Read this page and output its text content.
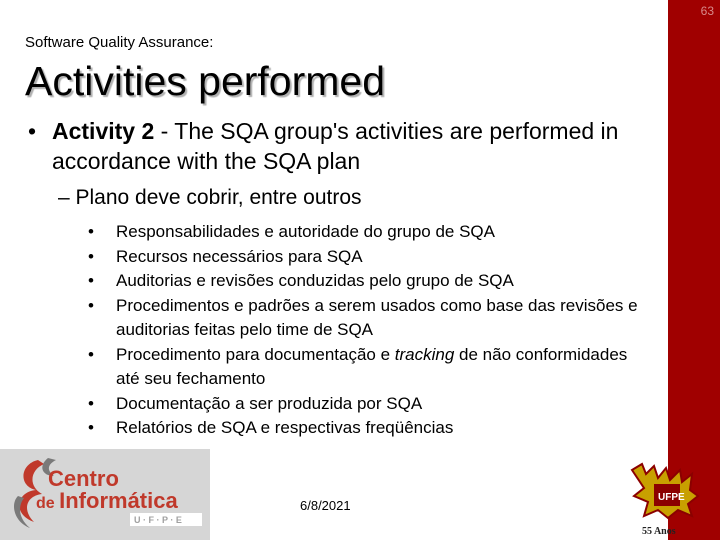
63
Software Quality Assurance:
Activities performed
• Activity 2 - The SQA group's activities are performed in accordance with the SQA plan
– Plano deve cobrir, entre outros
• Responsabilidades e autoridade do grupo de SQA
• Recursos necessários para SQA
• Auditorias e revisões conduzidas pelo grupo de SQA
• Procedimentos e padrões a serem usados como base das revisões e auditorias feitas pelo time de SQA
• Procedimento para documentação e tracking de não conformidades até seu fechamento
• Documentação a ser produzida por SQA
• Relatórios de SQA e respectivas freqüências
Centro
de Informática
U · F · P · E
6/8/2021
UFPE
55 Anos
